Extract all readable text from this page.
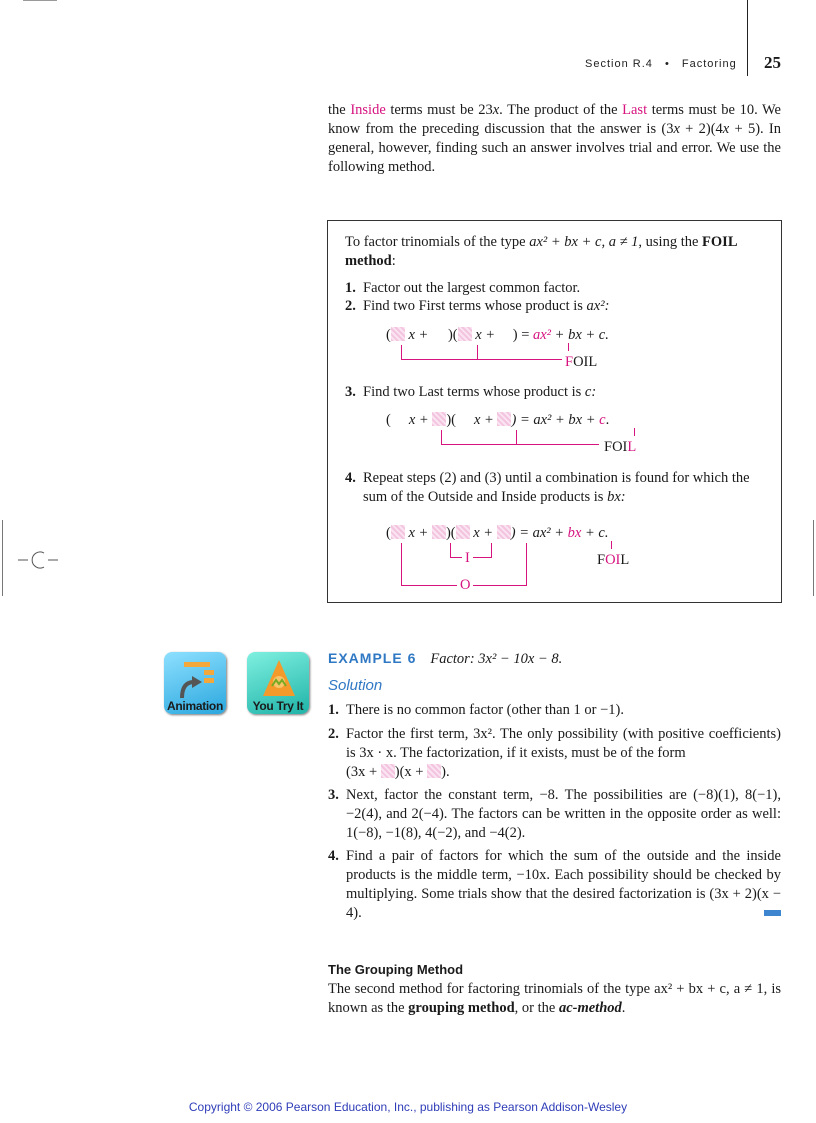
Section R.4 • Factoring 25
the Inside terms must be 23x. The product of the Last terms must be 10. We know from the preceding discussion that the answer is (3x + 2)(4x + 5). In general, however, finding such an answer involves trial and error. We use the following method.
To factor trinomials of the type ax² + bx + c, a ≠ 1, using the FOIL method:
1. Factor out the largest common factor.
2. Find two First terms whose product is ax²:
( x + )( x + ) = ax² + bx + c.
FOIL
3. Find two Last terms whose product is c:
( x + )( x + ) = ax² + bx + c.
FOIL
4. Repeat steps (2) and (3) until a combination is found for which the sum of the Outside and Inside products is bx:
( x + )( x + ) = ax² + bx + c.
I
O
FOIL
Animation	You Try It
EXAMPLE 6 Factor: 3x² − 10x − 8.
Solution
1. There is no common factor (other than 1 or −1).
2. Factor the first term, 3x². The only possibility (with positive coefficients) is 3x · x. The factorization, if it exists, must be of the form
(3x + )(x + ).
3. Next, factor the constant term, −8. The possibilities are (−8)(1), 8(−1), −2(4), and 2(−4). The factors can be written in the opposite order as well: 1(−8), −1(8), 4(−2), and −4(2).
4. Find a pair of factors for which the sum of the outside and the inside products is the middle term, −10x. Each possibility should be checked by multiplying. Some trials show that the desired factorization is (3x + 2)(x − 4).
The Grouping Method
The second method for factoring trinomials of the type ax² + bx + c, a ≠ 1, is known as the grouping method, or the ac-method.
Copyright © 2006 Pearson Education, Inc., publishing as Pearson Addison-Wesley
